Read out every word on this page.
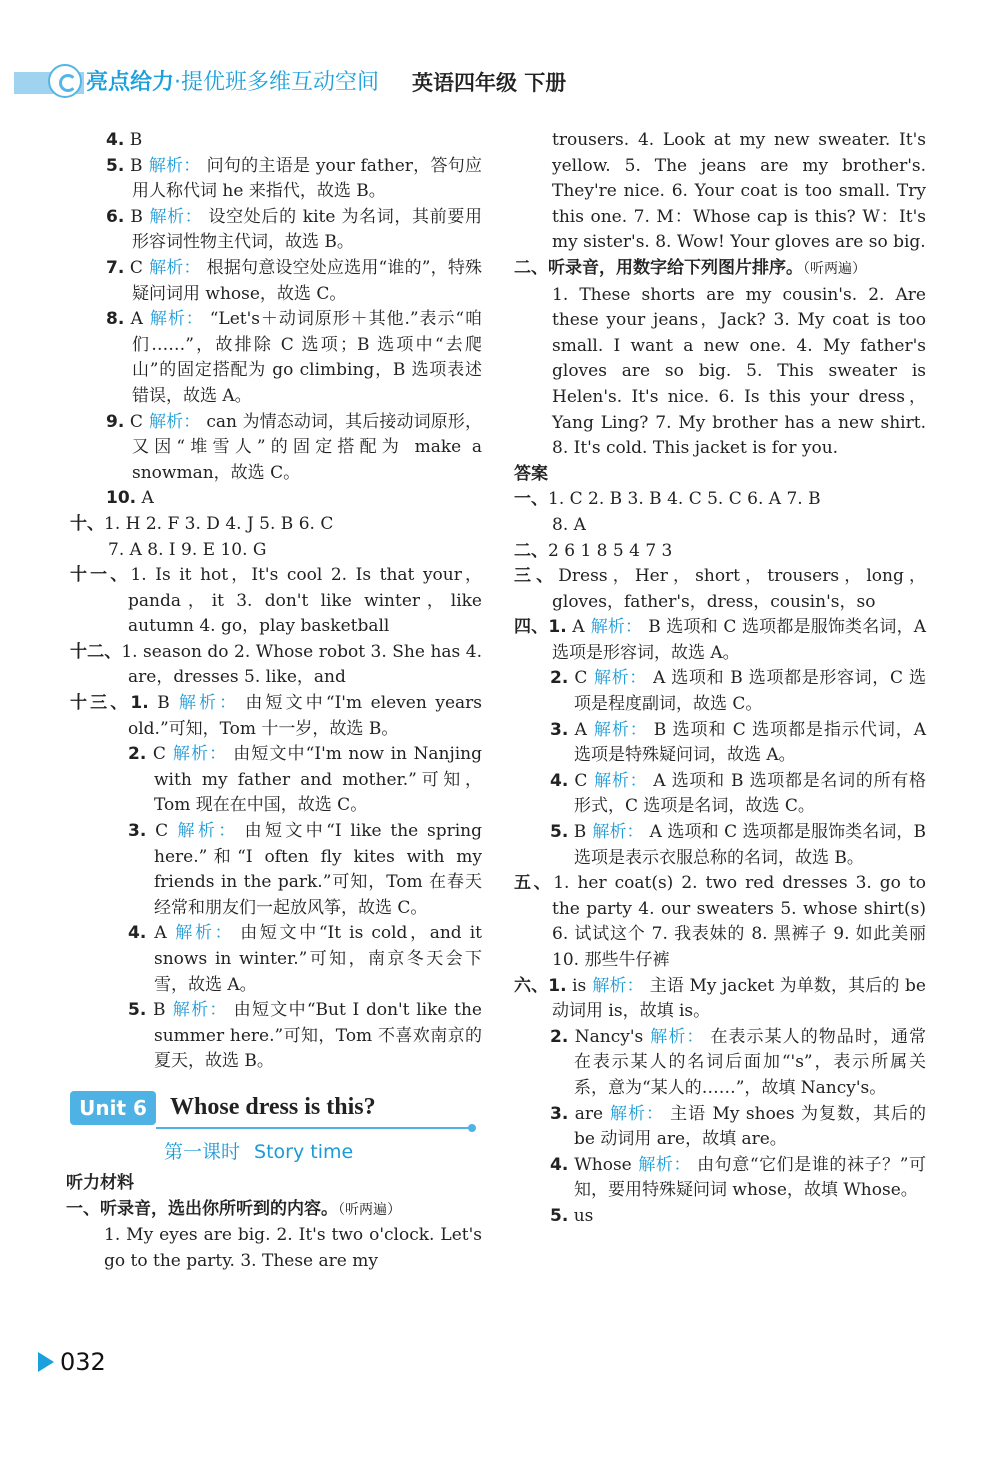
亮点给力·提优班多维互动空间 英语四年级 下册
4. B
5. B 解析： 问句的主语是 your father，答句应用人称代词 he 来指代，故选 B。
6. B 解析： 设空处后的 kite 为名词，其前要用形容词性物主代词，故选 B。
7. C 解析： 根据句意设空处应选用“谁的”，特殊疑问词用 whose，故选 C。
8. A 解析： “Let's＋动词原形＋其他.”表示“咱们……”，故排除 C 选项；B 选项中“去爬山”的固定搭配为 go climbing，B 选项表述错误，故选 A。
9. C 解析： can 为情态动词，其后接动词原形，又因“堆雪人”的固定搭配为 make a snowman，故选 C。
10. A
十、1. H 2. F 3. D 4. J 5. B 6. C
7. A 8. I 9. E 10. G
十一、1. Is it hot，It's cool 2. Is that your，panda，it 3. don't like winter，like autumn 4. go，play basketball
十二、1. season do 2. Whose robot 3. She has 4. are，dresses 5. like，and
十三、1. B 解析： 由短文中“I'm eleven years old.”可知，Tom 十一岁，故选 B。
2. C 解析： 由短文中“I'm now in Nanjing with my father and mother.”可知，Tom 现在在中国，故选 C。
3. C 解析： 由短文中“I like the spring here.”和“I often fly kites with my friends in the park.”可知，Tom 在春天经常和朋友们一起放风筝，故选 C。
4. A 解析： 由短文中“It is cold，and it snows in winter.”可知，南京冬天会下雪，故选 A。
5. B 解析： 由短文中“But I don't like the summer here.”可知，Tom 不喜欢南京的夏天，故选 B。
Unit 6 Whose dress is this?
第一课时 Story time
听力材料
一、听录音，选出你所听到的内容。（听两遍）
1. My eyes are big. 2. It's two o'clock. Let's go to the party. 3. These are my
trousers. 4. Look at my new sweater. It's yellow. 5. The jeans are my brother's. They're nice. 6. Your coat is too small. Try this one. 7. M：Whose cap is this? W：It's my sister's. 8. Wow! Your gloves are so big.
二、听录音，用数字给下列图片排序。（听两遍）
1. These shorts are my cousin's. 2. Are these your jeans，Jack? 3. My coat is too small. I want a new one. 4. My father's gloves are so big. 5. This sweater is Helen's. It's nice. 6. Is this your dress，Yang Ling? 7. My brother has a new shirt. 8. It's cold. This jacket is for you.
答案
一、1. C 2. B 3. B 4. C 5. C 6. A 7. B
8. A
二、2 6 1 8 5 4 7 3
三、Dress，Her，short，trousers，long，gloves，father's，dress，cousin's，so
四、1. A 解析： B 选项和 C 选项都是服饰类名词，A 选项是形容词，故选 A。
2. C 解析： A 选项和 B 选项都是形容词，C 选项是程度副词，故选 C。
3. A 解析： B 选项和 C 选项都是指示代词，A 选项是特殊疑问词，故选 A。
4. C 解析： A 选项和 B 选项都是名词的所有格形式，C 选项是名词，故选 C。
5. B 解析： A 选项和 C 选项都是服饰类名词，B 选项是表示衣服总称的名词，故选 B。
五、1. her coat(s) 2. two red dresses 3. go to the party 4. our sweaters 5. whose shirt(s) 6. 试试这个 7. 我表妹的 8. 黑裤子 9. 如此美丽 10. 那些牛仔裤
六、1. is 解析： 主语 My jacket 为单数，其后的 be 动词用 is，故填 is。
2. Nancy's 解析： 在表示某人的物品时，通常在表示某人的名词后面加“'s”，表示所属关系，意为“某人的……”，故填 Nancy's。
3. are 解析： 主语 My shoes 为复数，其后的 be 动词用 are，故填 are。
4. Whose 解析： 由句意“它们是谁的袜子？”可知，要用特殊疑问词 whose，故填 Whose。
5. us
032
